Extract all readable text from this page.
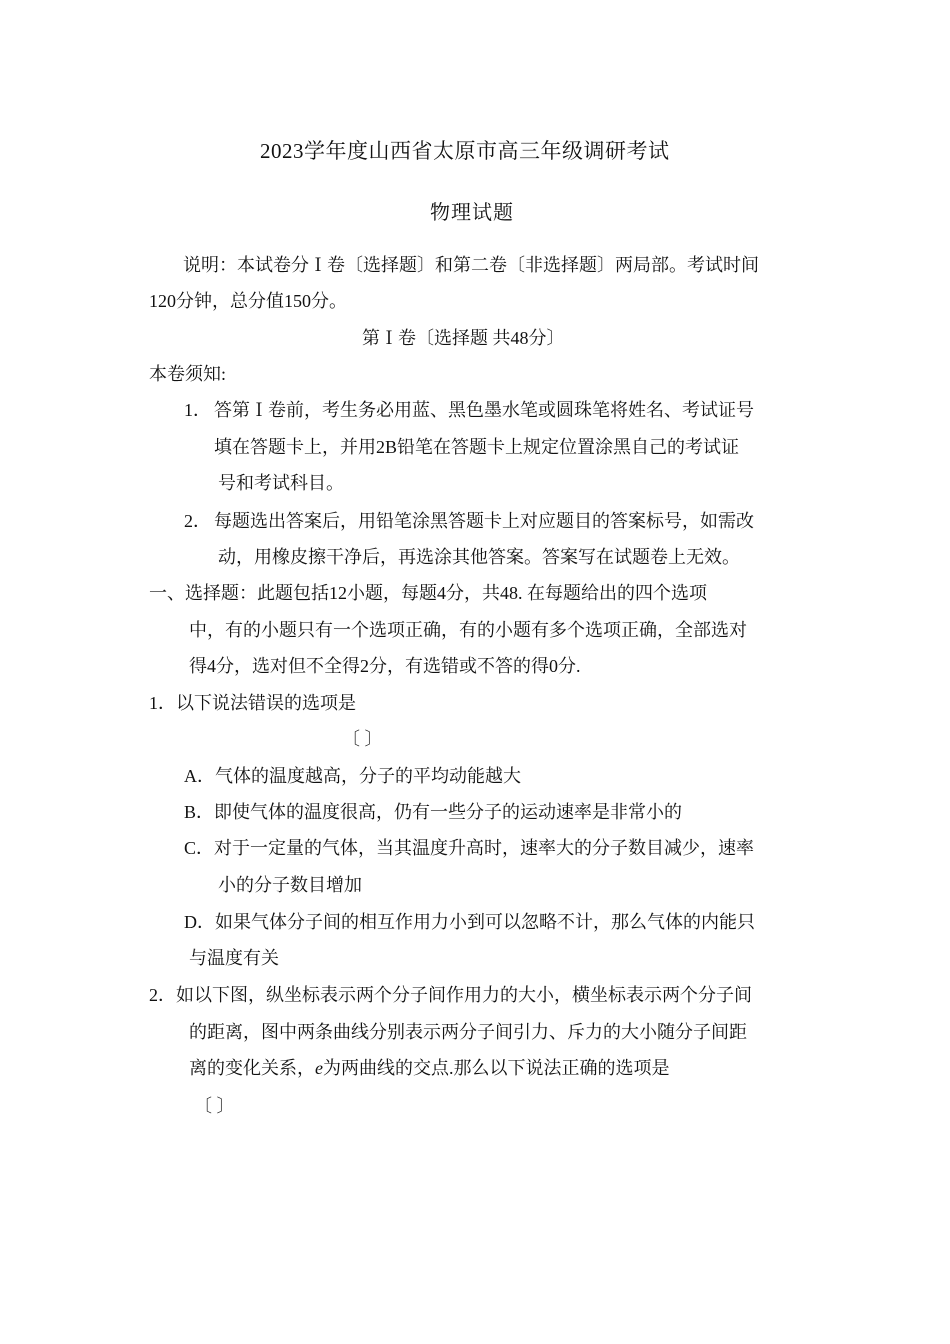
2023学年度山西省太原市高三年级调研考试
物理试题
说明：本试卷分Ｉ卷〔选择题〕和第二卷〔非选择题〕两局部。考试时间
120分钟，总分值150分。
第Ｉ卷〔选择题 共48分〕
本卷须知:
1． 答第Ｉ卷前，考生务必用蓝、黑色墨水笔或圆珠笔将姓名、考试证号
填在答题卡上，并用2B铅笔在答题卡上规定位置涂黑自己的考试证
号和考试科目。
2． 每题选出答案后，用铅笔涂黑答题卡上对应题目的答案标号，如需改
动，用橡皮擦干净后，再选涂其他答案。答案写在试题卷上无效。
一、选择题：此题包括12小题，每题4分，共48. 在每题给出的四个选项
中，有的小题只有一个选项正确，有的小题有多个选项正确，全部选对
得4分，选对但不全得2分，有选错或不答的得0分.
1．以下说法错误的选项是
〔 〕
A．气体的温度越高，分子的平均动能越大
B．即使气体的温度很高，仍有一些分子的运动速率是非常小的
C．对于一定量的气体，当其温度升高时，速率大的分子数目减少，速率
小的分子数目增加
D．如果气体分子间的相互作用力小到可以忽略不计，那么气体的内能只
与温度有关
2．如以下图，纵坐标表示两个分子间作用力的大小，横坐标表示两个分子间
的距离，图中两条曲线分别表示两分子间引力、斥力的大小随分子间距
离的变化关系，e为两曲线的交点.那么以下说法正确的选项是
〔 〕
